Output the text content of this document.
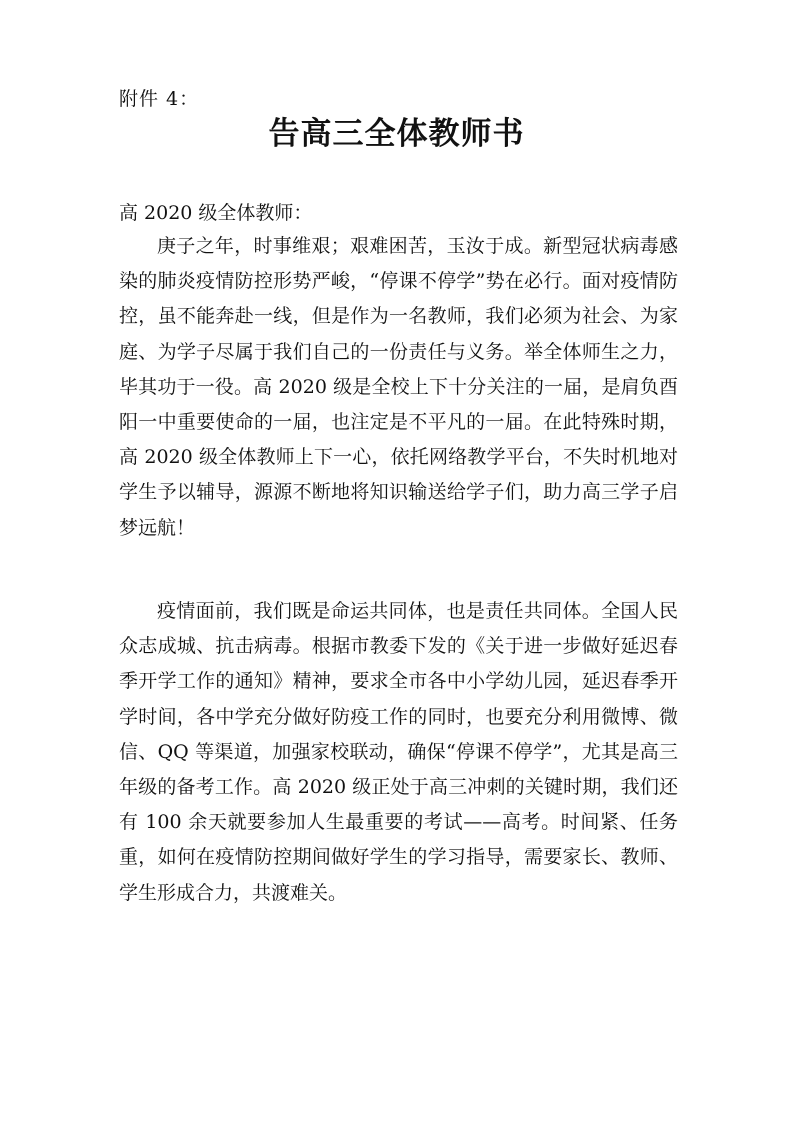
附件 4：
告高三全体教师书
高 2020 级全体教师：

庚子之年，时事维艰；艰难困苦，玉汝于成。新型冠状病毒感染的肺炎疫情防控形势严峻，“停课不停学”势在必行。面对疫情防控，虽不能奔赴一线，但是作为一名教师，我们必须为社会、为家庭、为学子尽属于我们自己的一份责任与义务。举全体师生之力，毕其功于一役。高 2020 级是全校上下十分关注的一届，是肩负酉阳一中重要使命的一届，也注定是不平凡的一届。在此特殊时期，高 2020 级全体教师上下一心，依托网络教学平台，不失时机地对学生予以辅导，源源不断地将知识输送给学子们，助力高三学子启梦远航！

疫情面前，我们既是命运共同体，也是责任共同体。全国人民众志成城、抗击病毒。根据市教委下发的《关于进一步做好延迟春季开学工作的通知》精神，要求全市各中小学幼儿园，延迟春季开学时间，各中学充分做好防疫工作的同时，也要充分利用微博、微信、QQ 等渠道，加强家校联动，确保“停课不停学”，尤其是高三年级的备考工作。高 2020 级正处于高三冲刺的关键时期，我们还有 100 余天就要参加人生最重要的考试——高考。时间紧、任务重，如何在疫情防控期间做好学生的学习指导，需要家长、教师、学生形成合力，共渡难关。
